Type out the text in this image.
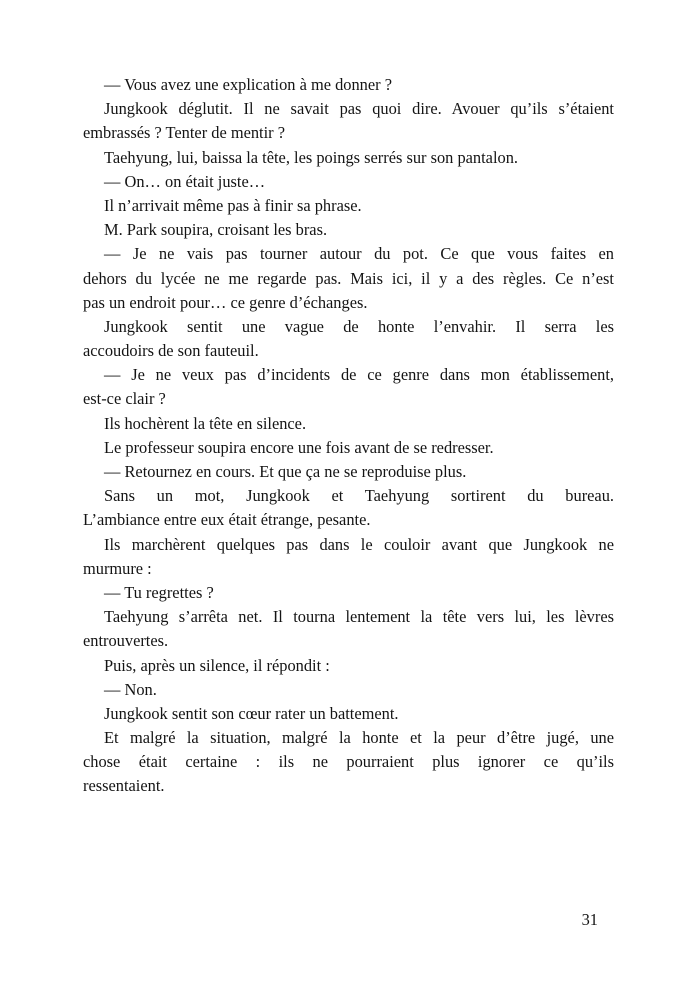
— Vous avez une explication à me donner ?
Jungkook déglutit. Il ne savait pas quoi dire. Avouer qu’ils s’étaient
embrassés ? Tenter de mentir ?
Taehyung, lui, baissa la tête, les poings serrés sur son pantalon.
— On… on était juste…
Il n’arrivait même pas à finir sa phrase.
M. Park soupira, croisant les bras.
— Je ne vais pas tourner autour du pot. Ce que vous faites en
dehors du lycée ne me regarde pas. Mais ici, il y a des règles. Ce n’est
pas un endroit pour… ce genre d’échanges.
Jungkook sentit une vague de honte l’envahir. Il serra les
accoudoirs de son fauteuil.
— Je ne veux pas d’incidents de ce genre dans mon établissement,
est-ce clair ?
Ils hochèrent la tête en silence.
Le professeur soupira encore une fois avant de se redresser.
— Retournez en cours. Et que ça ne se reproduise plus.
Sans un mot, Jungkook et Taehyung sortirent du bureau.
L’ambiance entre eux était étrange, pesante.
Ils marchèrent quelques pas dans le couloir avant que Jungkook ne
murmure :
— Tu regrettes ?
Taehyung s’arrêta net. Il tourna lentement la tête vers lui, les lèvres
entrouvertes.
Puis, après un silence, il répondit :
— Non.
Jungkook sentit son cœur rater un battement.
Et malgré la situation, malgré la honte et la peur d’être jugé, une
chose était certaine : ils ne pourraient plus ignorer ce qu’ils
ressentaient.
31
